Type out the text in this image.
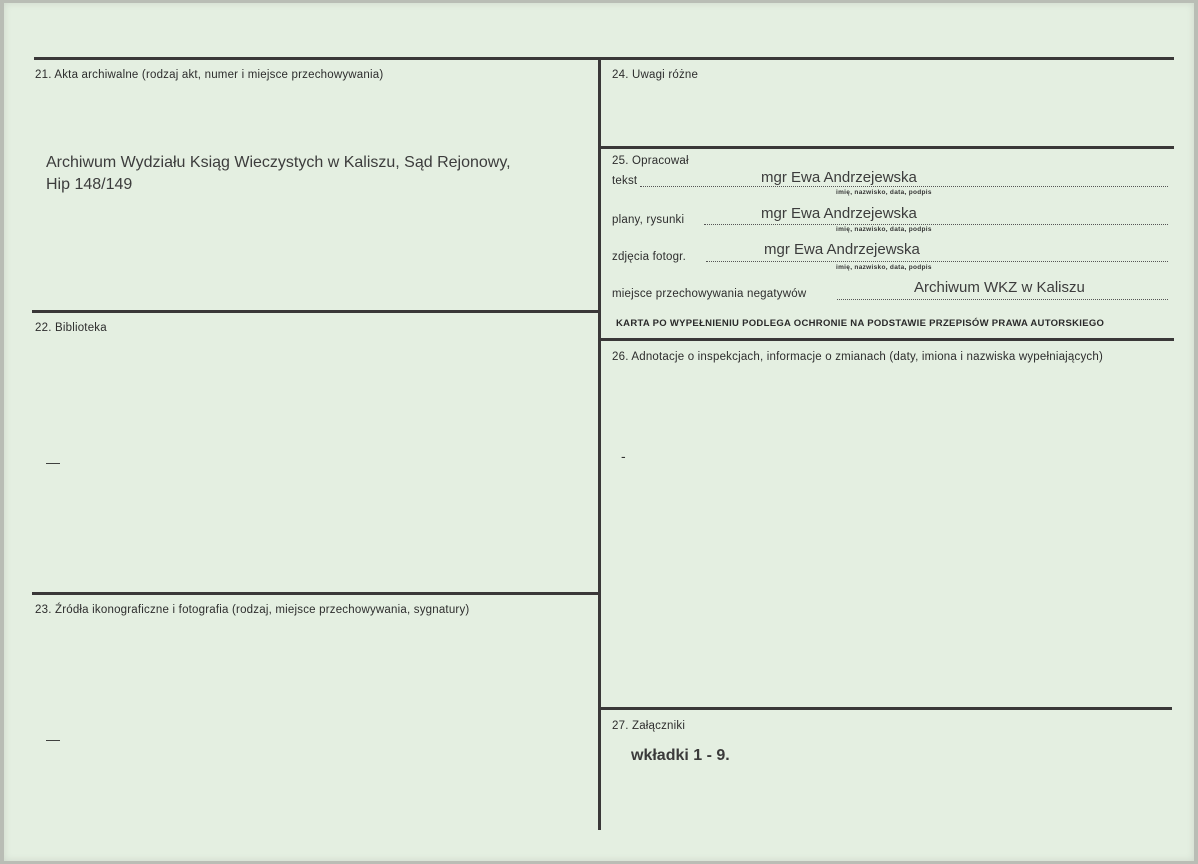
21. Akta archiwalne (rodzaj akt, numer i miejsce przechowywania)
Archiwum Wydziału Ksiąg Wieczystych w Kaliszu, Sąd Rejonowy,
Hip 148/149
22. Biblioteka
—
23. Źródła ikonograficzne i fotografia (rodzaj, miejsce przechowywania, sygnatury)
—
24. Uwagi różne
25. Opracował
tekst	mgr Ewa Andrzejewska
imię, nazwisko, data, podpis
plany, rysunki	mgr Ewa Andrzejewska
imię, nazwisko, data, podpis
zdjęcia fotogr.	mgr Ewa Andrzejewska
imię, nazwisko, data, podpis
miejsce przechowywania negatywów	Archiwum WKZ w Kaliszu
KARTA PO WYPEŁNIENIU PODLEGA OCHRONIE NA PODSTAWIE PRZEPISÓW PRAWA AUTORSKIEGO
26. Adnotacje o inspekcjach, informacje o zmianach (daty, imiona i nazwiska wypełniających)
-
27. Załączniki
wkładki 1 - 9.
